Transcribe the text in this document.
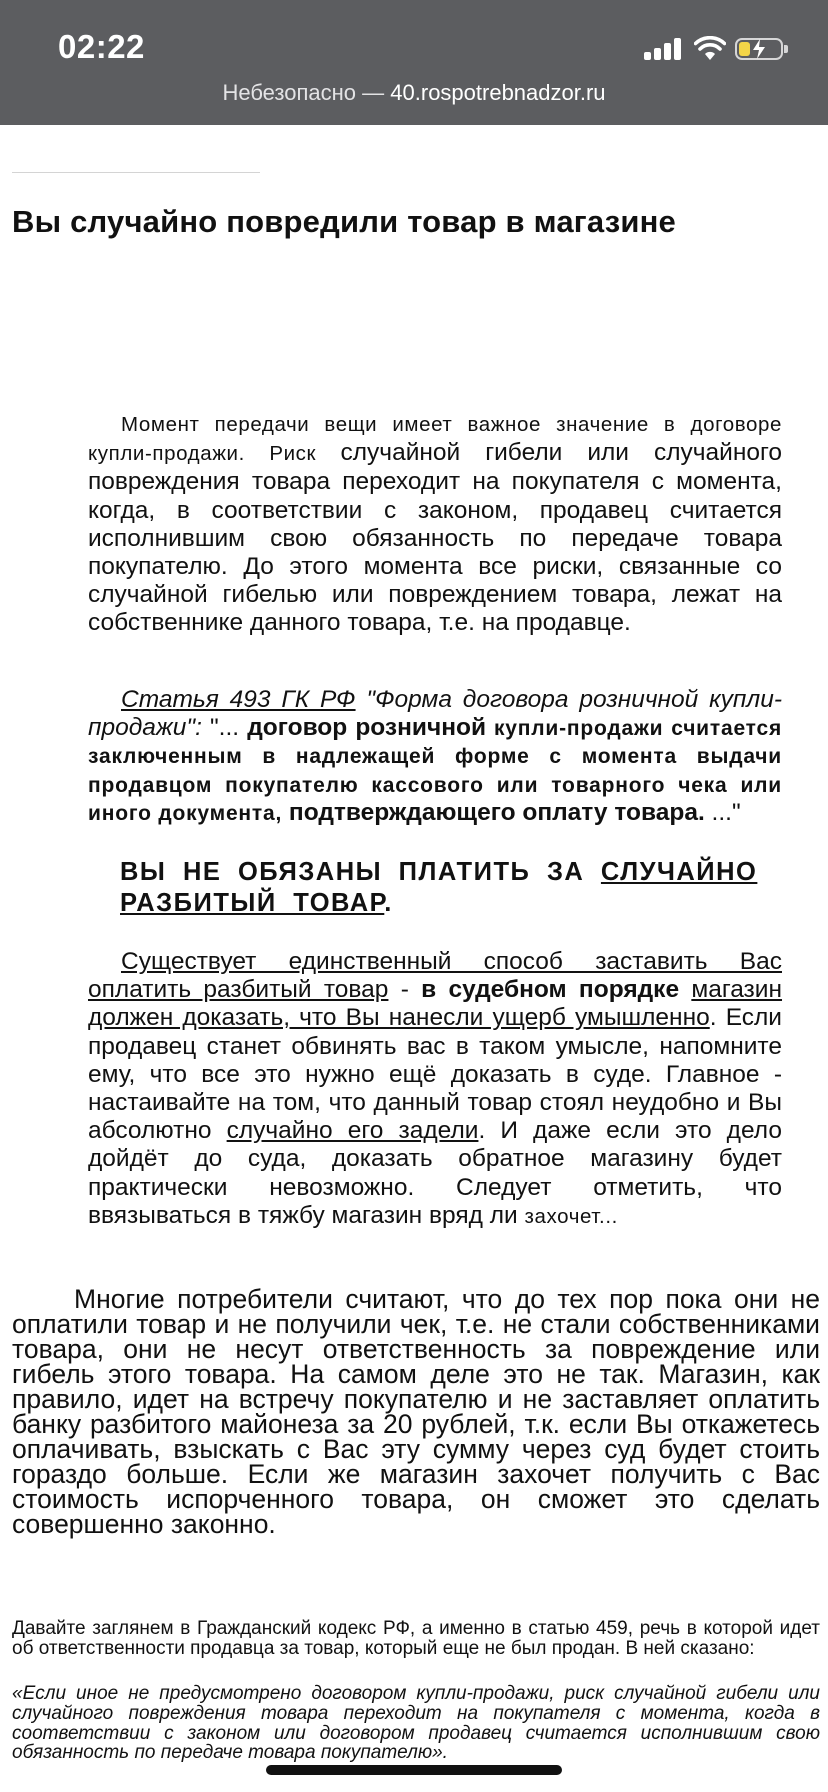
02:22
Небезопасно — 40.rospotrebnadzor.ru
Вы случайно повредили товар в магазине

Момент передачи вещи имеет важное значение в договоре купли-продажи. Риск случайной гибели или случайного повреждения товара переходит на покупателя с момента, когда, в соответствии с законом, продавец считается исполнившим свою обязанность по передаче товара покупателю. До этого момента все риски, связанные со случайной гибелью или повреждением товара, лежат на собственнике данного товара, т.е. на продавце.

Статья 493 ГК РФ "Форма договора розничной купли-продажи": "... договор розничной купли-продажи считается заключенным в надлежащей форме с момента выдачи продавцом покупателю кассового или товарного чека или иного документа, подтверждающего оплату товара. ..."

ВЫ НЕ ОБЯЗАНЫ ПЛАТИТЬ ЗА СЛУЧАЙНО РАЗБИТЫЙ ТОВАР.

Существует единственный способ заставить Вас оплатить разбитый товар - в судебном порядке магазин должен доказать, что Вы нанесли ущерб умышленно. Если продавец станет обвинять вас в таком умысле, напомните ему, что все это нужно ещё доказать в суде. Главное - настаивайте на том, что данный товар стоял неудобно и Вы абсолютно случайно его задели. И даже если это дело дойдёт до суда, доказать обратное магазину будет практически невозможно. Следует отметить, что ввязываться в тяжбу магазин вряд ли захочет...

Многие потребители считают, что до тех пор пока они не оплатили товар и не получили чек, т.е. не стали собственниками товара, они не несут ответственность за повреждение или гибель этого товара. На самом деле это не так. Магазин, как правило, идет на встречу покупателю и не заставляет оплатить банку разбитого майонеза за 20 рублей, т.к. если Вы откажетесь оплачивать, взыскать с Вас эту сумму через суд будет стоить гораздо больше. Если же магазин захочет получить с Вас стоимость испорченного товара, он сможет это сделать совершенно законно.

Давайте заглянем в Гражданский кодекс РФ, а именно в статью 459, речь в которой идет об ответственности продавца за товар, который еще не был продан. В ней сказано:

«Если иное не предусмотрено договором купли-продажи, риск случайной гибели или случайного повреждения товара переходит на покупателя с момента, когда в соответствии с законом или договором продавец считается исполнившим свою обязанность по передаче товара покупателю».
